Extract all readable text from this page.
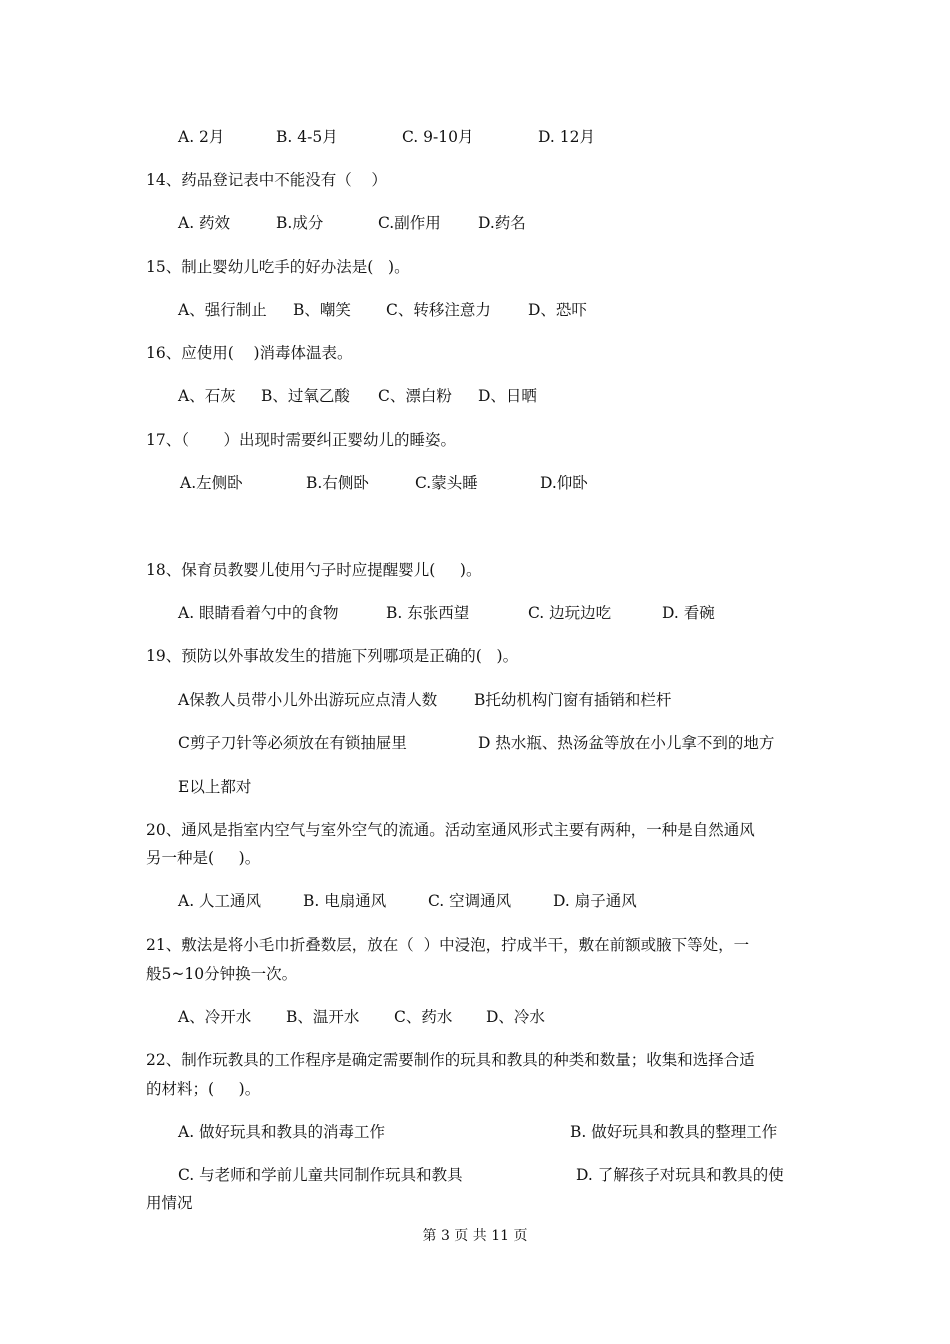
A. 2月

	B. 4-5月

	C. 9-10月

	D. 12月

14、药品登记表中不能没有（    ）

A. 药效

	B.成分

	C.副作用

D.药名

15、制止婴幼儿吃手的好办法是(   )。

A、强行制止

B、嘲笑

C、转移注意力

D、恐吓

16、应使用(    )消毒体温表。

A、石灰

B、过氧乙酸

C、漂白粉

D、日晒

17、（       ）出现时需要纠正婴幼儿的睡姿。

A.左侧卧

	B.右侧卧

	C.蒙头睡

	D.仰卧

18、保育员教婴儿使用勺子时应提醒婴儿(     )。

A. 眼睛看着勺中的食物

	B. 东张西望

	C. 边玩边吃

	D. 看碗

19、预防以外事故发生的措施下列哪项是正确的(   )。

A保教人员带小儿外出游玩应点清人数

B托幼机构门窗有插销和栏杆

C剪子刀针等必须放在有锁抽屉里

	D 热水瓶、热汤盆等放在小儿拿不到的地方

E以上都对
20、通风是指室内空气与室外空气的流通。活动室通风形式主要有两种，一种是自然通风
另一种是(     )。

A. 人工通风

	B. 电扇通风

	C. 空调通风

	D. 扇子通风

21、敷法是将小毛巾折叠数层，放在（  ）中浸泡，拧成半干，敷在前额或腋下等处，一
般5~10分钟换一次。

A、冷开水

B、温开水

C、药水

D、冷水

22、制作玩教具的工作程序是确定需要制作的玩具和教具的种类和数量；收集和选择合适
的材料；(     )。

A. 做好玩具和教具的消毒工作

	B. 做好玩具和教具的整理工作

C. 与老师和学前儿童共同制作玩具和教具

	D. 了解孩子对玩具和教具的使

用情况
第 3 页 共 11 页
